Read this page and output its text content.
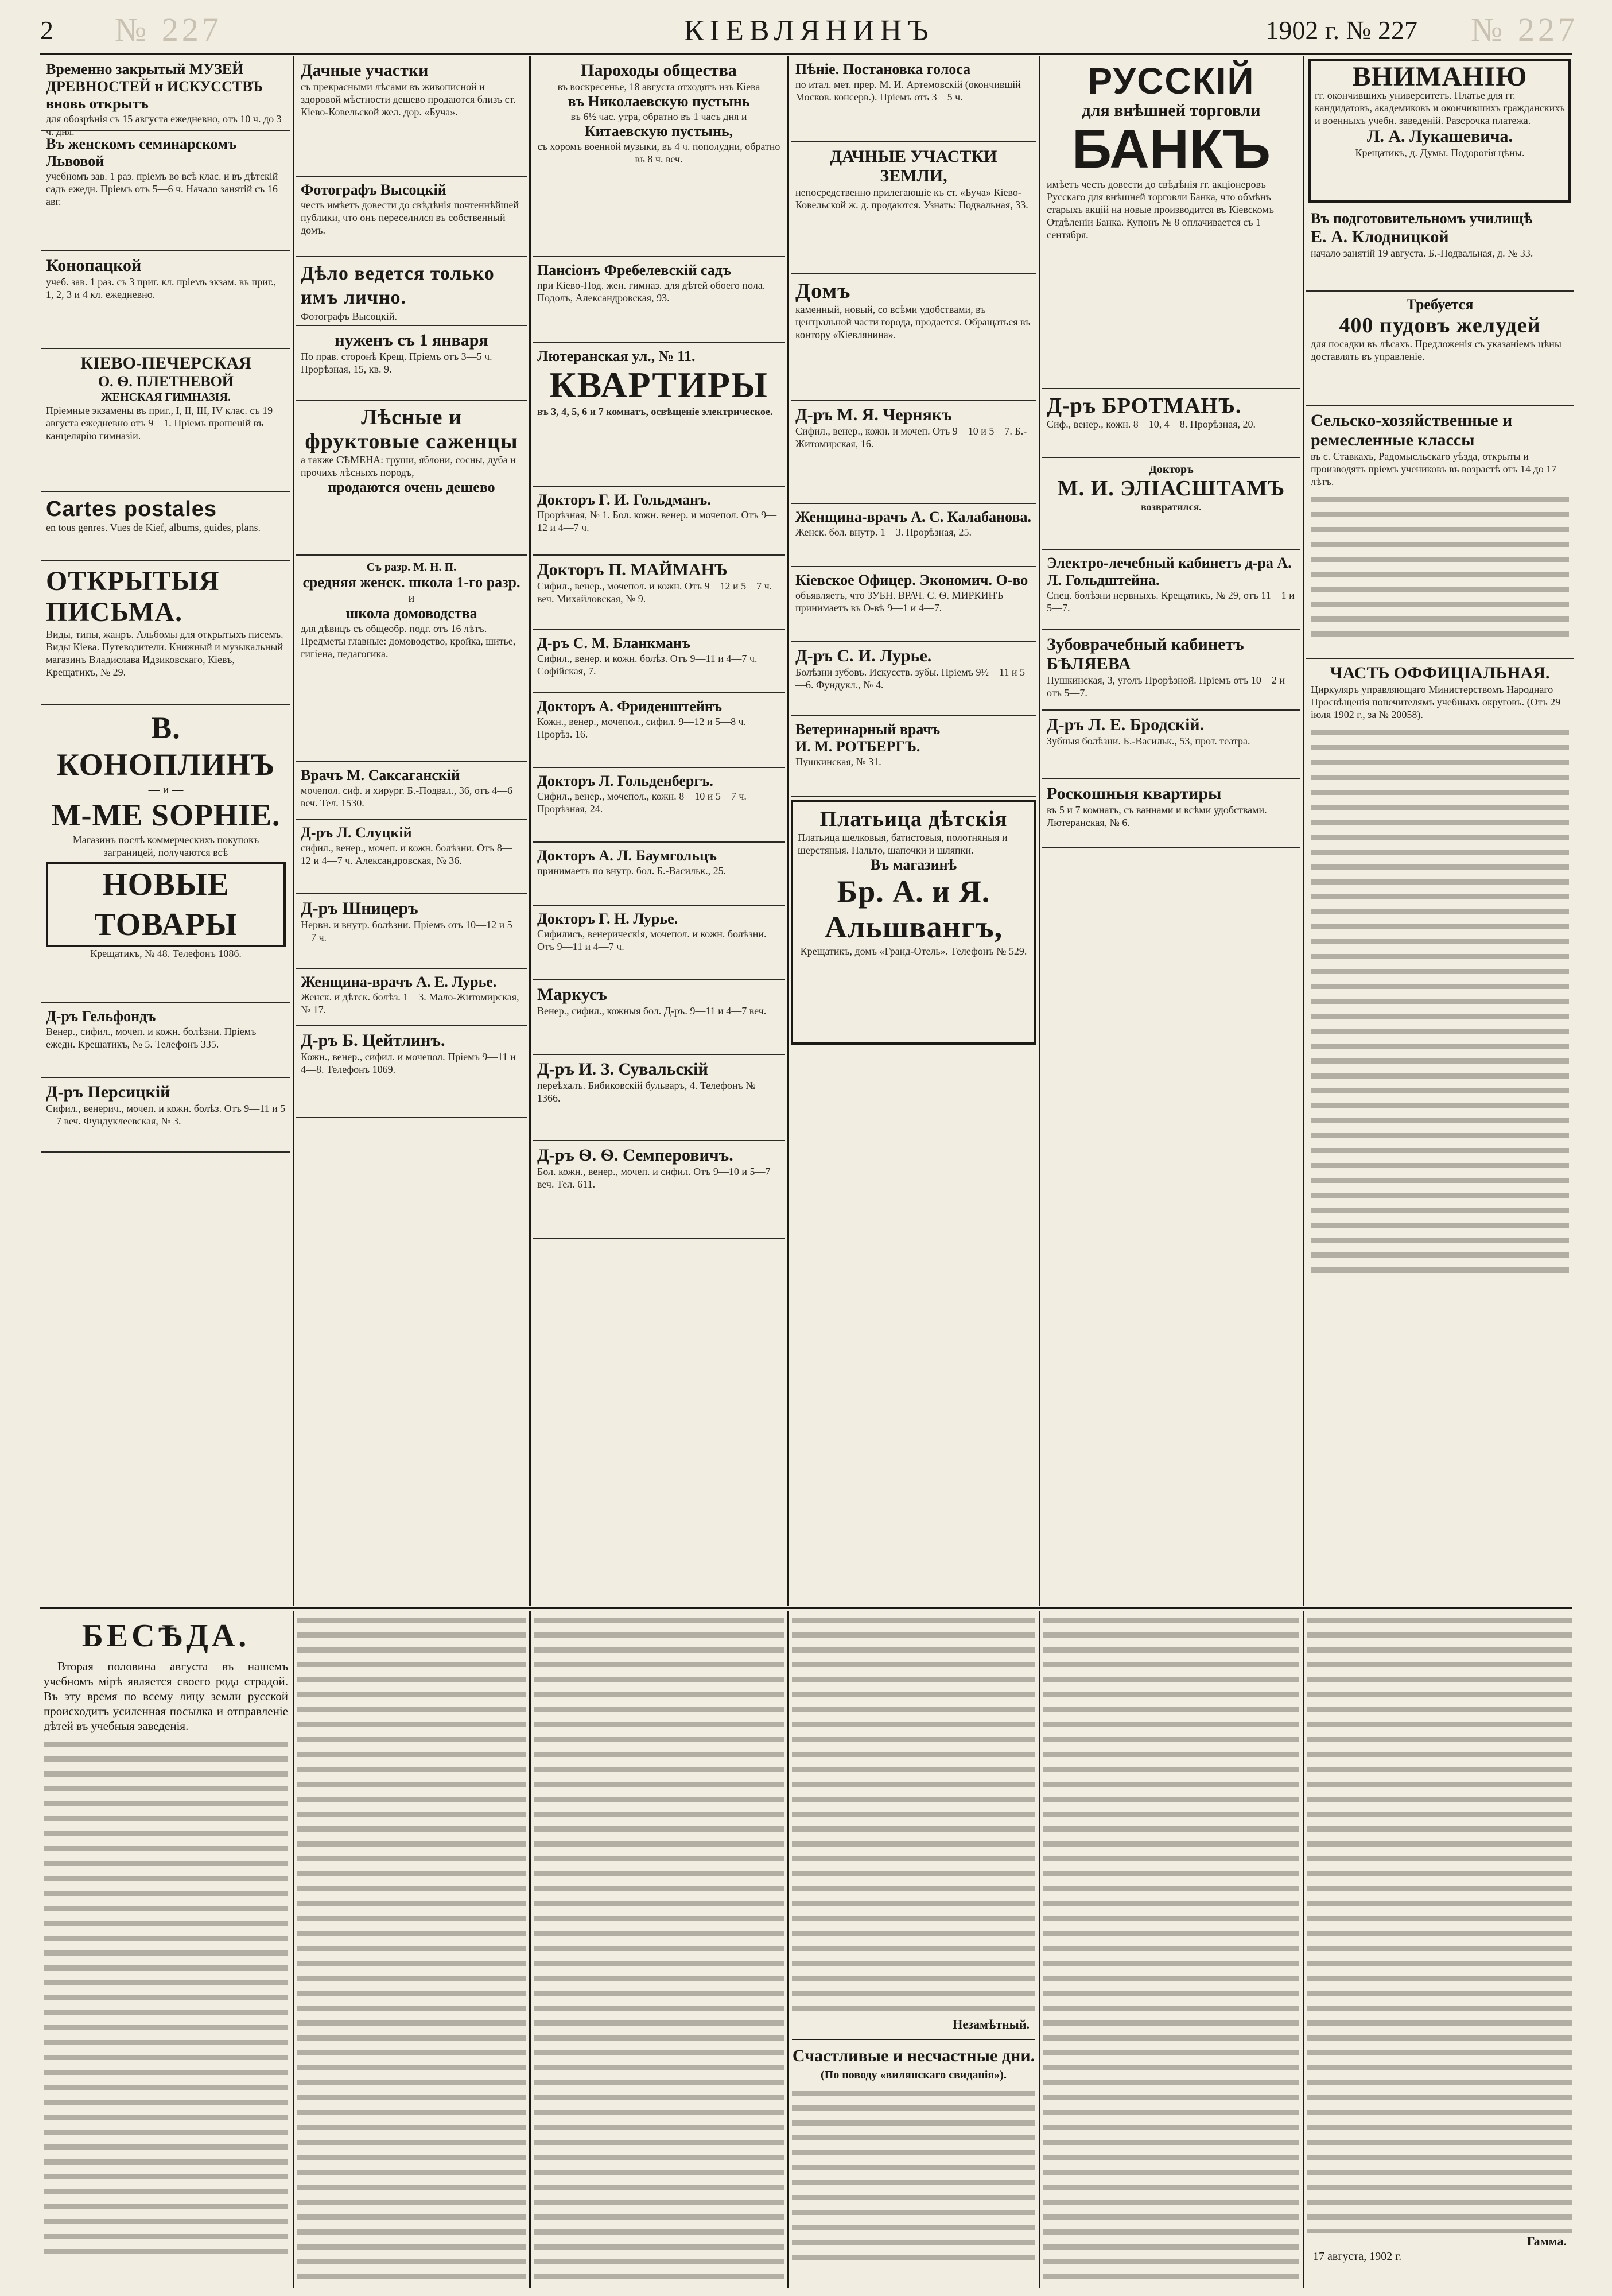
2 № 227	КІЕВЛЯНИНЪ	1902 г. № 227 № 227
Временно закрытый МУЗЕЙ ДРЕВНОСТЕЙ и ИСКУССТВЪ вновь открытъ
для обозрѣнія съ 15 августа ежедневно, отъ 10 ч. до 3 ч. дня.
Въ женскомъ семинарскомъ Львовой
учебномъ зав. 1 раз. пріемъ во всѣ клас. и въ дѣтскій садъ ежедн. Пріемъ отъ 5—6 ч. Начало занятій съ 16 авг.
Конопацкой
учеб. зав. 1 раз. съ 3 приг. кл. пріемъ экзам. въ приг., 1, 2, 3 и 4 кл. ежедневно.
КІЕВО-ПЕЧЕРСКАЯ
О. Ѳ. ПЛЕТНЕВОЙ
ЖЕНСКАЯ ГИМНАЗІЯ.
Пріемные экзамены въ приг., I, II, III, IV клас. съ 19 августа ежедневно отъ 9—1. Пріемъ прошеній въ канцелярію гимназіи.
Cartes postales
en tous genres. Vues de Kief, albums, guides, plans.
ОТКРЫТЫЯ ПИСЬМА.
Виды, типы, жанръ. Альбомы для открытыхъ писемъ. Виды Кіева. Путеводители. Книжный и музыкальный магазинъ Владислава Идзиковскаго, Кіевъ, Крещатикъ, № 29.
В. КОНОПЛИНЪ
— и —
M-ME SOPHIE.
Магазинъ послѣ коммерческихъ покупокъ заграницей, получаются всѣ
НОВЫЕ ТОВАРЫ
Крещатикъ, № 48. Телефонъ 1086.
Д-ръ Гельфондъ
Венер., сифил., мочеп. и кожн. болѣзни. Пріемъ ежедн. Крещатикъ, № 5. Телефонъ 335.
Д-ръ Персицкій
Сифил., венерич., мочеп. и кожн. болѣз. Отъ 9—11 и 5—7 веч. Фундуклеевская, № 3.
Дачные участки
съ прекрасными лѣсами въ живописной и здоровой мѣстности дешево продаются близъ ст. Кіево-Ковельской жел. дор. «Буча».
Фотографъ Высоцкій
честь имѣетъ довести до свѣдѣнія почтеннѣйшей публики, что онъ переселился въ собственный домъ.
Дѣло ведется только имъ лично.
Фотографъ Высоцкій.
нуженъ съ 1 января
По прав. сторонѣ Крещ. Пріемъ отъ 3—5 ч. Прорѣзная, 15, кв. 9.
Лѣсные и фруктовые саженцы
а также СѢМЕНА: груши, яблони, сосны, дуба и прочихъ лѣсныхъ породъ,
продаются очень дешево
Съ разр. М. Н. П.
средняя женск. школа 1-го разр.
— и —
школа домоводства
для дѣвицъ съ общеобр. подг. отъ 16 лѣтъ. Предметы главные: домоводство, кройка, шитье, гигіена, педагогика.
Врачъ М. Саксаганскій
мочепол. сиф. и хирург. Б.-Подвал., 36, отъ 4—6 веч. Тел. 1530.
Д-ръ Л. Слуцкій
сифил., венер., мочеп. и кожн. болѣзни. Отъ 8—12 и 4—7 ч. Александровская, № 36.
Д-ръ Шницеръ
Нервн. и внутр. болѣзни. Пріемъ отъ 10—12 и 5—7 ч.
Женщина-врачъ А. Е. Лурье.
Женск. и дѣтск. болѣз. 1—3. Мало-Житомирская, № 17.
Д-ръ Б. Цейтлинъ.
Кожн., венер., сифил. и мочепол. Пріемъ 9—11 и 4—8. Телефонъ 1069.
Пароходы общества
въ воскресенье, 18 августа отходятъ изъ Кіева
въ Николаевскую пустынь
въ 6½ час. утра, обратно въ 1 часъ дня и
Китаевскую пустынь,
съ хоромъ военной музыки, въ 4 ч. пополудни, обратно въ 8 ч. веч.
Пансіонъ Фребелевскій садъ
при Кіево-Под. жен. гимназ. для дѣтей обоего пола. Подолъ, Александровская, 93.
Лютеранская ул., № 11.
КВАРТИРЫ
въ 3, 4, 5, 6 и 7 комнатъ, освѣщеніе электрическое.
Докторъ Г. И. Гольдманъ.
Прорѣзная, № 1. Бол. кожн. венер. и мочепол. Отъ 9—12 и 4—7 ч.
Докторъ П. МАЙМАНЪ
Сифил., венер., мочепол. и кожн. Отъ 9—12 и 5—7 ч. веч. Михайловская, № 9.
Д-ръ С. М. Бланкманъ
Сифил., венер. и кожн. болѣз. Отъ 9—11 и 4—7 ч. Софійская, 7.
Докторъ А. Фриденштейнъ
Кожн., венер., мочепол., сифил. 9—12 и 5—8 ч. Прорѣз. 16.
Докторъ Л. Гольденбергъ.
Сифил., венер., мочепол., кожн. 8—10 и 5—7 ч. Прорѣзная, 24.
Докторъ А. Л. Баумгольцъ
принимаетъ по внутр. бол. Б.-Васильк., 25.
Докторъ Г. Н. Лурье.
Сифилисъ, венерическія, мочепол. и кожн. болѣзни. Отъ 9—11 и 4—7 ч.
Маркусъ
Венер., сифил., кожныя бол. Д-ръ. 9—11 и 4—7 веч.
Д-ръ И. З. Сувальскій
переѣхалъ. Бибиковскій бульваръ, 4. Телефонъ № 1366.
Д-ръ Ѳ. Ѳ. Семперовичъ.
Бол. кожн., венер., мочеп. и сифил. Отъ 9—10 и 5—7 веч. Тел. 611.
Пѣніе. Постановка голоса
по итал. мет. прер. М. И. Артемовскій (окончившій Москов. консерв.). Пріемъ отъ 3—5 ч.
ДАЧНЫЕ УЧАСТКИ ЗЕМЛИ,
непосредственно прилегающіе къ ст. «Буча» Кіево-Ковельской ж. д. продаются. Узнать: Подвальная, 33.
Домъ
каменный, новый, со всѣми удобствами, въ центральной части города, продается. Обращаться въ контору «Кіевлянина».
Д-ръ М. Я. Чернякъ
Сифил., венер., кожн. и мочеп. Отъ 9—10 и 5—7. Б.-Житомирская, 16.
Женщина-врачъ А. С. Калабанова.
Женск. бол. внутр. 1—3. Прорѣзная, 25.
Кіевское Офицер. Экономич. О-во
объявляетъ, что ЗУБН. ВРАЧ. С. Ѳ. МИРКИНЪ принимаетъ въ О-вѣ 9—1 и 4—7.
Д-ръ С. И. Лурье.
Болѣзни зубовъ. Искусств. зубы. Пріемъ 9½—11 и 5—6. Фундукл., № 4.
Ветеринарный врачъ
И. М. РОТБЕРГЪ.
Пушкинская, № 31.
Платьица дѣтскія
Платьица шелковыя, батистовыя, полотняныя и шерстяныя. Пальто, шапочки и шляпки.
Въ магазинѣ
Бр. А. и Я. Альшвангъ,
Крещатикъ, домъ «Гранд-Отель». Телефонъ № 529.
РУССКІЙ
для внѣшней торговли
БАНКЪ
имѣетъ честь довести до свѣдѣнія гг. акціонеровъ Русскаго для внѣшней торговли Банка, что обмѣнъ старыхъ акцій на новые производится въ Кіевскомъ Отдѣленіи Банка. Купонъ № 8 оплачивается съ 1 сентября.
Д-ръ БРОТМАНЪ.
Сиф., венер., кожн. 8—10, 4—8. Прорѣзная, 20.
Докторъ
М. И. ЭЛІАСШТАМЪ
возвратился.
Электро-лечебный кабинетъ д-ра А. Л. Гольдштейна.
Спец. болѣзни нервныхъ. Крещатикъ, № 29, отъ 11—1 и 5—7.
Зубоврачебный кабинетъ БѢЛЯЕВА
Пушкинская, 3, уголъ Прорѣзной. Пріемъ отъ 10—2 и отъ 5—7.
Д-ръ Л. Е. Бродскій.
Зубныя болѣзни. Б.-Васильк., 53, прот. театра.
Роскошныя квартиры
въ 5 и 7 комнатъ, съ ваннами и всѣми удобствами. Лютеранская, № 6.
ВНИМАНІЮ
гг. окончившихъ университетъ. Платье для гг. кандидатовъ, академиковъ и окончившихъ гражданскихъ и военныхъ учебн. заведеній. Разсрочка платежа.
Л. А. Лукашевича.
Крещатикъ, д. Думы. Подорогія цѣны.
Въ подготовительномъ училищѣ
Е. А. Клодницкой
начало занятій 19 августа. Б.-Подвальная, д. № 33.
Требуется
400 пудовъ желудей
для посадки въ лѣсахъ. Предложенія съ указаніемъ цѣны доставлять въ управленіе.
Сельско-хозяйственные и ремесленные классы
въ с. Ставкахъ, Радомысльскаго уѣзда, открыты и производятъ пріемъ учениковъ въ возрастѣ отъ 14 до 17 лѣтъ.
ЧАСТЬ ОФФИЦІАЛЬНАЯ.
Циркуляръ управляющаго Министерствомъ Народнаго Просвѣщенія попечителямъ учебныхъ округовъ. (Отъ 29 іюля 1902 г., за № 20058).
БЕСѢДА.

Вторая половина августа въ нашемъ учебномъ мірѣ является своего рода страдой. Въ эту время по всему лицу земли русской происходитъ усиленная посылка и отправленіе дѣтей въ учебныя заведенія.

Незамѣтный.
Счастливые и несчастные дни.
(По поводу «вилянскаго свиданія»).
Гамма.
17 августа, 1902 г.
